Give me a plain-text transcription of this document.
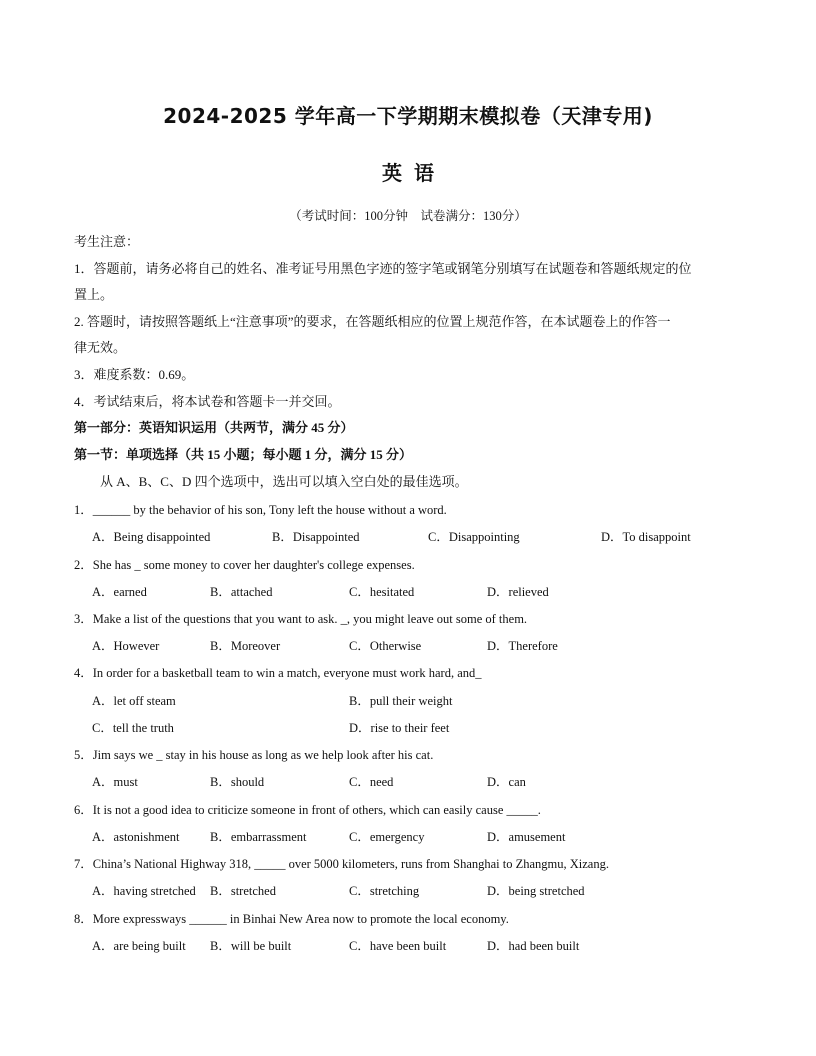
2024-2025 学年高一下学期期末模拟卷（天津专用)
英语
（考试时间：100分钟　试卷满分：130分）
考生注意：
1．答题前，请务必将自己的姓名、准考证号用黑色字迹的签字笔或钢笔分别填写在试题卷和答题纸规定的位
置上。
2. 答题时，请按照答题纸上“注意事项”的要求，在答题纸相应的位置上规范作答，在本试题卷上的作答一
律无效。
3．难度系数：0.69。
4．考试结束后，将本试卷和答题卡一并交回。
第一部分：英语知识运用（共两节，满分 45 分）
第一节：单项选择（共 15 小题；每小题 1 分，满分 15 分）
从 A、B、C、D 四个选项中，选出可以填入空白处的最佳选项。
1．______ by the behavior of his son, Tony left the house without a word.
A．Being disappointed	B．Disappointed	C．Disappointing	D．To disappoint
2．She has _ some money to cover her daughter's college expenses.
A．earned	B．attached	C．hesitated	D．relieved
3．Make a list of the questions that you want to ask. _, you might leave out some of them.
A．However	B．Moreover	C．Otherwise	D．Therefore
4．In order for a basketball team to win a match, everyone must work hard, and_
A．let off steam	B．pull their weight
C．tell the truth	D．rise to their feet
5．Jim says we _ stay in his house as long as we help look after his cat.
A．must	B．should	C．need	D．can
6．It is not a good idea to criticize someone in front of others, which can easily cause _____.
A．astonishment B．embarrassment	C．emergency	D．amusement
7．China’s National Highway 318, _____ over 5000 kilometers, runs from Shanghai to Zhangmu, Xizang.
A．having stretched B．stretched	C．stretching	D．being stretched
8．More expressways ______ in Binhai New Area now to promote the local economy.
A．are being built B．will be built	C．have been built	D．had been built
